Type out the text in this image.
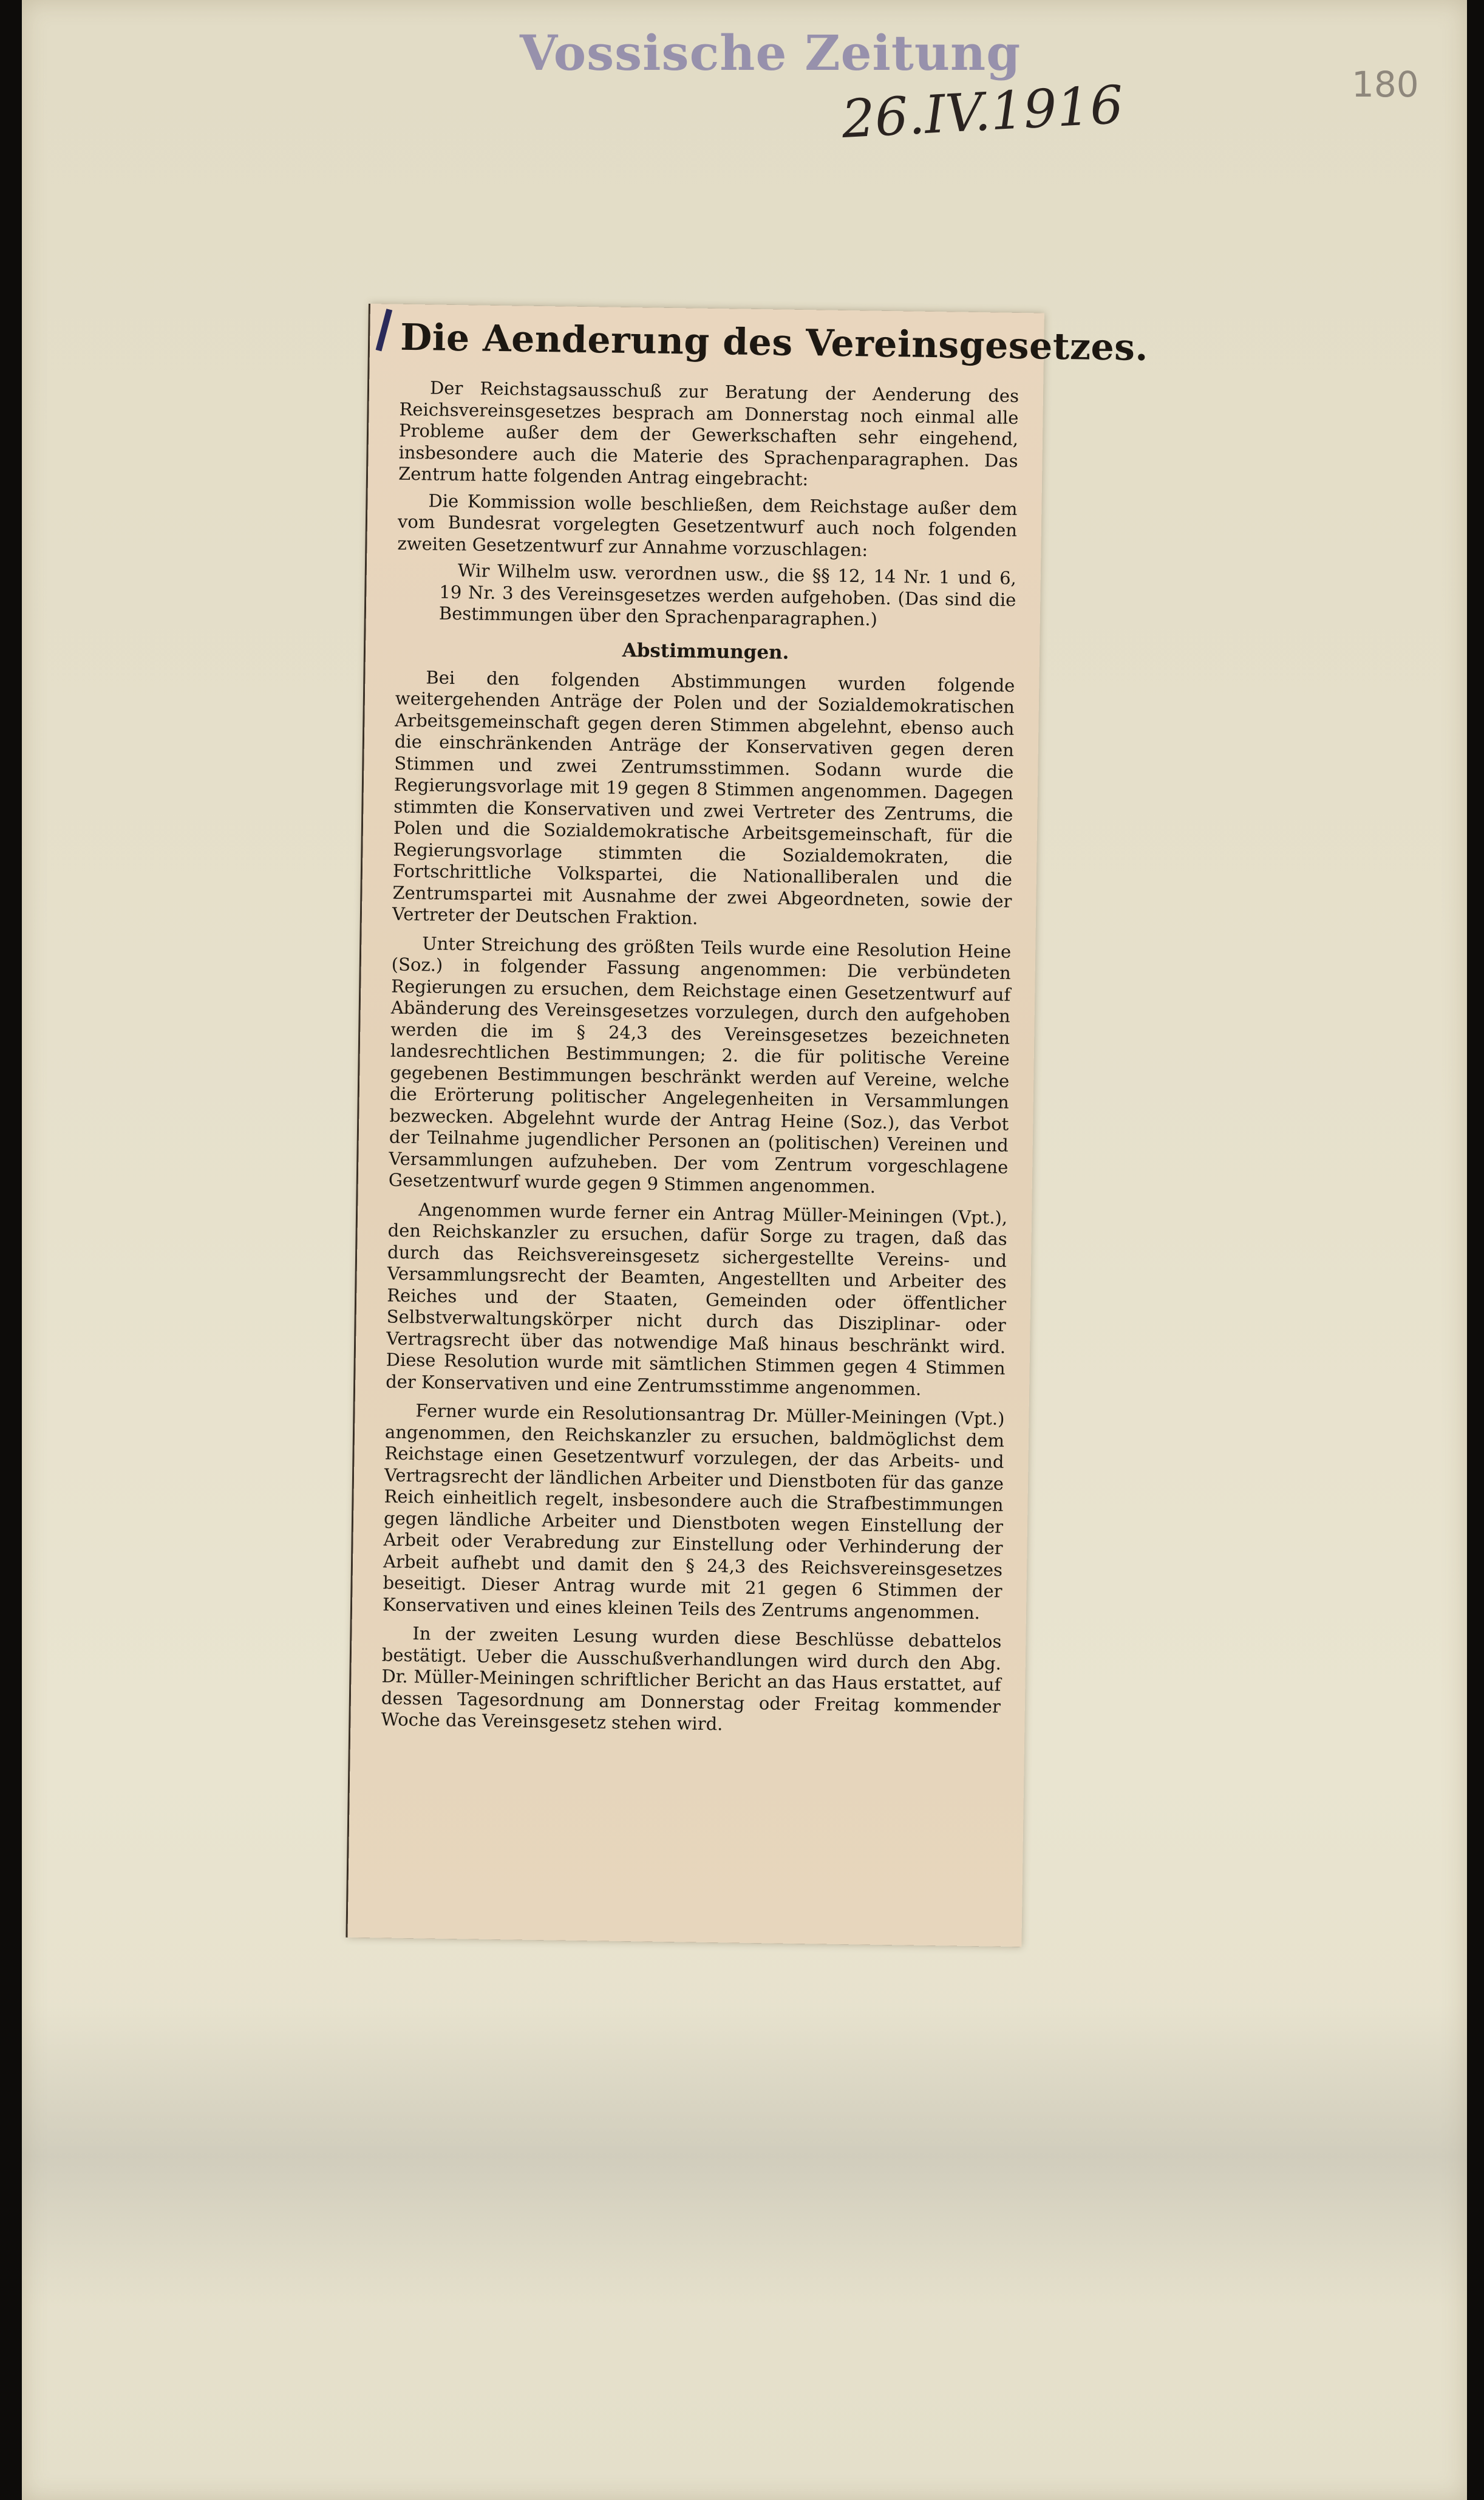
Vossische Zeitung
26.IV.1916	180
Die Aenderung des Vereinsgesetzes.

Der Reichstagsausschuß zur Beratung der Aenderung des Reichsvereinsgesetzes besprach am Donnerstag noch einmal alle Probleme außer dem der Gewerkschaften sehr eingehend, insbesondere auch die Materie des Sprachenparagraphen. Das Zentrum hatte folgenden Antrag eingebracht:

Die Kommission wolle beschließen, dem Reichstage außer dem vom Bundesrat vorgelegten Gesetzentwurf auch noch folgenden zweiten Gesetzentwurf zur Annahme vorzuschlagen:

Wir Wilhelm usw. verordnen usw., die §§ 12, 14 Nr. 1 und 6, 19 Nr. 3 des Vereinsgesetzes werden aufgehoben. (Das sind die Bestimmungen über den Sprachenparagraphen.)

Abstimmungen.

Bei den folgenden Abstimmungen wurden folgende weitergehenden Anträge der Polen und der Sozialdemokratischen Arbeitsgemeinschaft gegen deren Stimmen abgelehnt, ebenso auch die einschränkenden Anträge der Konservativen gegen deren Stimmen und zwei Zentrumsstimmen. Sodann wurde die Regierungsvorlage mit 19 gegen 8 Stimmen angenommen. Dagegen stimmten die Konservativen und zwei Vertreter des Zentrums, die Polen und die Sozialdemokratische Arbeitsgemeinschaft, für die Regierungsvorlage stimmten die Sozialdemokraten, die Fortschrittliche Volkspartei, die Nationalliberalen und die Zentrumspartei mit Ausnahme der zwei Abgeordneten, sowie der Vertreter der Deutschen Fraktion.

Unter Streichung des größten Teils wurde eine Resolution Heine (Soz.) in folgender Fassung angenommen: Die verbündeten Regierungen zu ersuchen, dem Reichstage einen Gesetzentwurf auf Abänderung des Vereinsgesetzes vorzulegen, durch den aufgehoben werden die im § 24,3 des Vereinsgesetzes bezeichneten landesrechtlichen Bestimmungen; 2. die für politische Vereine gegebenen Bestimmungen beschränkt werden auf Vereine, welche die Erörterung politischer Angelegenheiten in Versammlungen bezwecken. Abgelehnt wurde der Antrag Heine (Soz.), das Verbot der Teilnahme jugendlicher Personen an (politischen) Vereinen und Versammlungen aufzuheben. Der vom Zentrum vorgeschlagene Gesetzentwurf wurde gegen 9 Stimmen angenommen.

Angenommen wurde ferner ein Antrag Müller-Meiningen (Vpt.), den Reichskanzler zu ersuchen, dafür Sorge zu tragen, daß das durch das Reichsvereinsgesetz sichergestellte Vereins- und Versammlungsrecht der Beamten, Angestellten und Arbeiter des Reiches und der Staaten, Gemeinden oder öffentlicher Selbstverwaltungskörper nicht durch das Disziplinar- oder Vertragsrecht über das notwendige Maß hinaus beschränkt wird. Diese Resolution wurde mit sämtlichen Stimmen gegen 4 Stimmen der Konservativen und eine Zentrumsstimme angenommen.

Ferner wurde ein Resolutionsantrag Dr. Müller-Meiningen (Vpt.) angenommen, den Reichskanzler zu ersuchen, baldmöglichst dem Reichstage einen Gesetzentwurf vorzulegen, der das Arbeits- und Vertragsrecht der ländlichen Arbeiter und Dienstboten für das ganze Reich einheitlich regelt, insbesondere auch die Strafbestimmungen gegen ländliche Arbeiter und Dienstboten wegen Einstellung der Arbeit oder Verabredung zur Einstellung oder Verhinderung der Arbeit aufhebt und damit den § 24,3 des Reichsvereinsgesetzes beseitigt. Dieser Antrag wurde mit 21 gegen 6 Stimmen der Konservativen und eines kleinen Teils des Zentrums angenommen.

In der zweiten Lesung wurden diese Beschlüsse debattelos bestätigt. Ueber die Ausschußverhandlungen wird durch den Abg. Dr. Müller-Meiningen schriftlicher Bericht an das Haus erstattet, auf dessen Tagesordnung am Donnerstag oder Freitag kommender Woche das Vereinsgesetz stehen wird.
